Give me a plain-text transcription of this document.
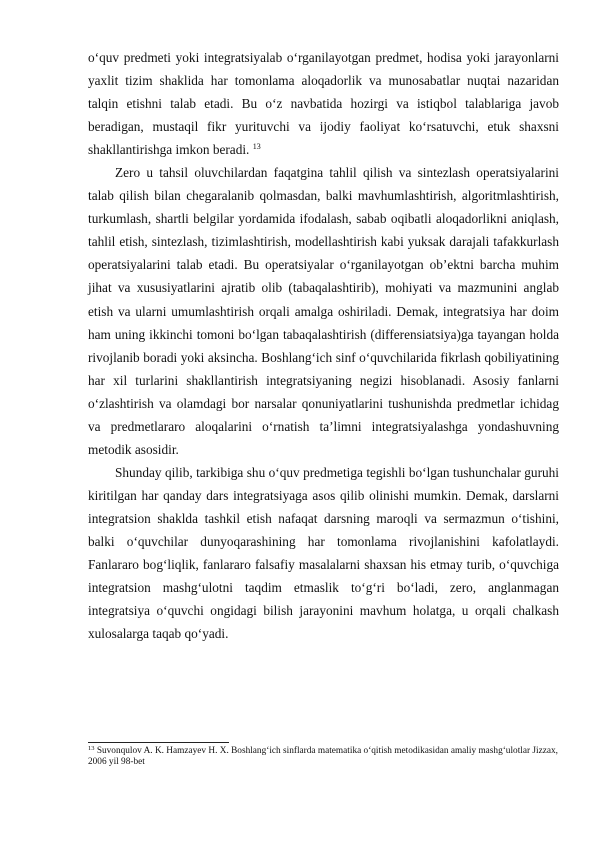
o‘quv predmeti yoki integratsiyalab o‘rganilayotgan predmet, hodisa yoki jarayonlarni yaxlit tizim shaklida har tomonlama aloqadorlik va munosabatlar nuqtai nazaridan talqin etishni talab etadi. Bu o‘z navbatida hozirgi va istiqbol talablariga javob beradigan, mustaqil fikr yurituvchi va ijodiy faoliyat ko‘rsatuvchi, etuk shaxsni shakllantirishga imkon beradi. $^{13}$

Zero u tahsil oluvchilardan faqatgina tahlil qilish va sintezlash operatsiyalarini talab qilish bilan chegaralanib qolmasdan, balki mavhumlashtirish, algoritmlashtirish, turkumlash, shartli belgilar yordamida ifodalash, sabab oqibatli aloqadorlikni aniqlash, tahlil etish, sintezlash, tizimlashtirish, modellashtirish kabi yuksak darajali tafakkurlash operatsiyalarini talab etadi. Bu operatsiyalar o‘rganilayotgan ob’ektni barcha muhim jihat va xususiyatlarini ajratib olib (tabaqalashtirib), mohiyati va mazmunini anglab etish va ularni umumlashtirish orqali amalga oshiriladi. Demak, integratsiya har doim ham uning ikkinchi tomoni bo‘lgan tabaqalashtirish (differensiatsiya)ga tayangan holda rivojlanib boradi yoki aksincha. Boshlang‘ich sinf o‘quvchilarida fikrlash qobiliyatining har xil turlarini shakllantirish integratsiyaning negizi hisoblanadi. Asosiy fanlarni o‘zlashtirish va olamdagi bor narsalar qonuniyatlarini tushunishda predmetlar ichidag va predmetlararo aloqalarini o‘rnatish ta’limni integratsiyalashga yondashuvning metodik asosidir.

Shunday qilib, tarkibiga shu o‘quv predmetiga tegishli bo‘lgan tushunchalar guruhi kiritilgan har qanday dars integratsiyaga asos qilib olinishi mumkin. Demak, darslarni integratsion shaklda tashkil etish nafaqat darsning maroqli va sermazmun o‘tishini, balki o‘quvchilar dunyoqarashining har tomonlama rivojlanishini kafolatlaydi. Fanlararo bog‘liqlik, fanlararo falsafiy masalalarni shaxsan his etmay turib, o‘quvchiga integratsion mashg‘ulotni taqdim etmaslik to‘g‘ri bo‘ladi, zero, anglanmagan integratsiya o‘quvchi ongidagi bilish jarayonini mavhum holatga, u orqali chalkash xulosalarga taqab qo‘yadi.

$^{13}$ Suvonqulov A. K. Hamzayev H. X. Boshlang‘ich sinflarda matematika o‘qitish metodikasidan amaliy mashg‘ulotlar Jizzax, 2006 yil 98-bet
